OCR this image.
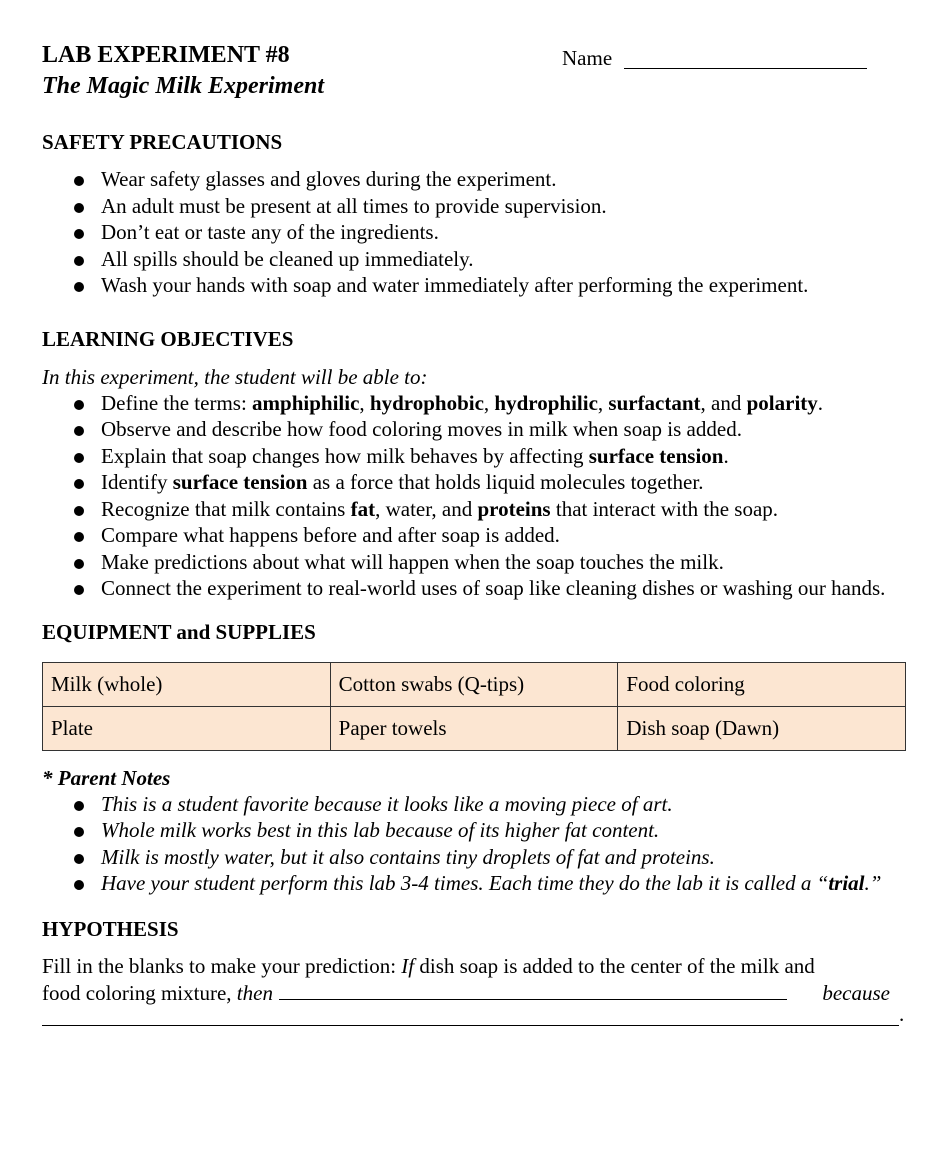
LAB EXPERIMENT #8
The Magic Milk Experiment
Name
SAFETY PRECAUTIONS
Wear safety glasses and gloves during the experiment.
An adult must be present at all times to provide supervision.
Don’t eat or taste any of the ingredients.
All spills should be cleaned up immediately.
Wash your hands with soap and water immediately after performing the experiment.
LEARNING OBJECTIVES
In this experiment, the student will be able to:
Define the terms: amphiphilic, hydrophobic, hydrophilic, surfactant, and polarity.
Observe and describe how food coloring moves in milk when soap is added.
Explain that soap changes how milk behaves by affecting surface tension.
Identify surface tension as a force that holds liquid molecules together.
Recognize that milk contains fat, water, and proteins that interact with the soap.
Compare what happens before and after soap is added.
Make predictions about what will happen when the soap touches the milk.
Connect the experiment to real-world uses of soap like cleaning dishes or washing our hands.
EQUIPMENT and SUPPLIES
Milk (whole)	Cotton swabs (Q-tips)	Food coloring
Plate	Paper towels	Dish soap (Dawn)
* Parent Notes
This is a student favorite because it looks like a moving piece of art.
Whole milk works best in this lab because of its higher fat content.
Milk is mostly water, but it also contains tiny droplets of fat and proteins.
Have your student perform this lab 3-4 times. Each time they do the lab it is called a “trial.”
HYPOTHESIS
Fill in the blanks to make your prediction: If dish soap is added to the center of the milk and
food coloring mixture, then	because
.
